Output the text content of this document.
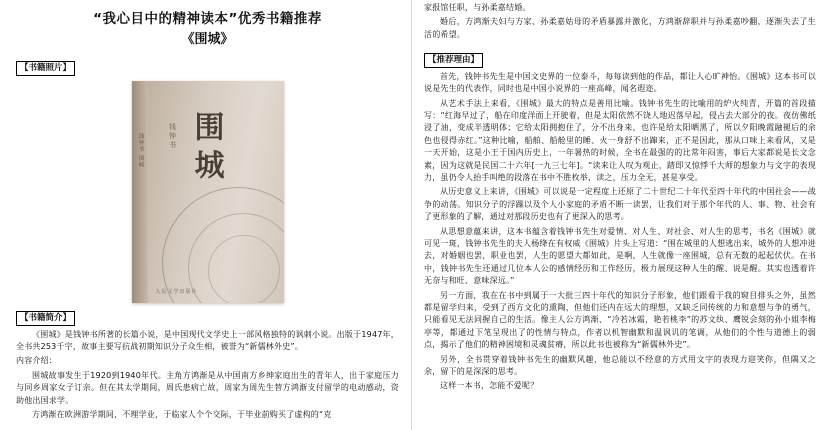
“我心目中的精神读本”优秀书籍推荐
《围城》
【书籍照片】
钱钟书 围城	钱钟书 围城
人民文学出版社
【书籍简介】

《围城》是钱钟书所著的长篇小说，是中国现代文学史上一部风格独特的讽刺小说。出版于1947年，全书共253千字，故事主要写抗战初期知识分子众生相，被誉为“新儒林外史”。

内容介绍：

围城故事发生于1920到1940年代。主角方鸿渐是从中国南方乡绅家庭出生的青年人，出于家庭压力与同乡周家女子订亲。但在其太学期间，周氏患病亡故，周家为周先生替方鸿渐支付留学的电动感动，资助他出国求学。

方鸿渐在欧洲游学期间，不理学业，于临家人个个交际，于毕业前购买了虚构的“克

家报馆任职，与孙柔嘉结婚。

婚后，方鸿渐夫妇与方家、孙柔嘉姑母的矛盾暴露并激化，方鸿渐辞职并与孙柔嘉吵翻，逐渐失去了生活的希望。

【推荐理由】

首先，钱钟书先生是中国文史界的一位泰斗，每每读到他的作品，都让人心旷神怡。《围城》这本书可以说是先生的代表作，同时也是中国小说界的一座高峰，闻名遐迩。

从艺术手法上来看，《围城》最大的特点是善用比喻。钱钟书先生的比喻用的炉火纯青，开篇的首段描写：“红海早过了，船在印度洋面上开驶着，但是太阳依然不饶人地迟落早起，侵占去大部分的夜。夜仿佛纸浸了油，变成半透明体；它给太阳拥抱住了，分不出身来，也许是给太阳晒黑了，所以夕阳晚霞融褪后的余色也侵得赤红。”这种比喻，船舶、船舱里的睡、火一身舒不出蹿来，正不是因此，那从口味上来看风，又是一天开始，这是小王于国内历史上，一年暑热的时候，全书在最强的的比常年闷害，事后大家都说是长文念素，因为这就是民国二十六年[一九三七年]。“读来让人叹为观止，踏即又惊悸千大师的想象力与文字的表现力，虽仍令人抬手叫绝的段落在书中不胜枚举，读之，压力全无，甚是享受。

从历史意义上来讲，《围城》可以说是一定程度上还原了二十世纪二十年代至四十年代的中国社会——战争的动荡。知识分子的浮躁以及个人小家庭的矛盾不断一读罢，让我们对于那个年代的人、事、物、社会有了更形象的了解，通过对那段历史也有了更深入的思考。

从思想意蕴来讲，这本书蕴含着钱钟书先生对爱情、对人生、对社会、对人生的思考，书名《围城》就可见一斑，钱钟书先生的夫人杨绛在有权威《围城》片头上写道：“围在城里的人想逃出来，城外的人想冲进去，对婚姻也罢，职业也罢，人生的愿望大都如此，是啊，人生就像一座围城，总有无数的起起伏伏。在书中，钱钟书先生还通过几位本人公的感情经历和工作经历，极力展现这种人生的醒、说是醒。其实也透着许无奈与和旺、意味深远。”

另一方面，我在在书中到属于一大批三四十年代的知识分子形象，他们跟看于我的窥目排头之外，虽然都是留学归来，受到了西方文化的熏陶，但他们还内在远大的理想，又缺乏同传统的力和意想与争的勇气，只能看见无法同握自己的生活。像主人公方鸿渐、“冷若冰霜，艳若桃李”的苏文纨、鹰锐会刻的孙小姐李梅亭等，都通过下笔呈现出了的性情与特点，作者以机智幽默和温讽讥的笔调，从他们的个性与道德上的弱点，揭示了他们的精神困境和灵魂贫瘠，所以此书也被称为“新儒林外史”。

另外，全书贯穿着钱钟书先生的幽默风趣，他总能以不经意的方式用文字的表现力迎笑你，但隅又之余，留下的是深深的思考。

这样一本书，怎能不爱呢？
